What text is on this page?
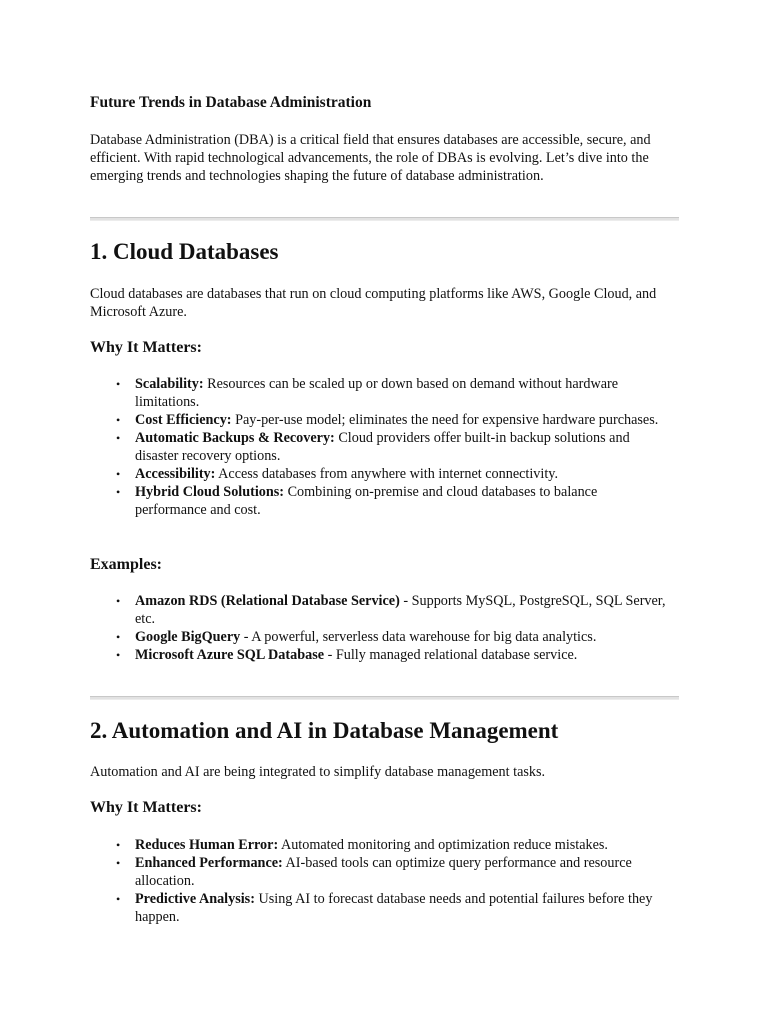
Future Trends in Database Administration

Database Administration (DBA) is a critical field that ensures databases are accessible, secure, and efficient. With rapid technological advancements, the role of DBAs is evolving. Let’s dive into the emerging trends and technologies shaping the future of database administration.

1. Cloud Databases

Cloud databases are databases that run on cloud computing platforms like AWS, Google Cloud, and Microsoft Azure.

Why It Matters:
• Scalability: Resources can be scaled up or down based on demand without hardware limitations.
• Cost Efficiency: Pay-per-use model; eliminates the need for expensive hardware purchases.
• Automatic Backups & Recovery: Cloud providers offer built-in backup solutions and disaster recovery options.
• Accessibility: Access databases from anywhere with internet connectivity.
• Hybrid Cloud Solutions: Combining on-premise and cloud databases to balance performance and cost.
Examples:
• Amazon RDS (Relational Database Service) - Supports MySQL, PostgreSQL, SQL Server, etc.
• Google BigQuery - A powerful, serverless data warehouse for big data analytics.
• Microsoft Azure SQL Database - Fully managed relational database service.
2. Automation and AI in Database Management

Automation and AI are being integrated to simplify database management tasks.

Why It Matters:
• Reduces Human Error: Automated monitoring and optimization reduce mistakes.
• Enhanced Performance: AI-based tools can optimize query performance and resource allocation.
• Predictive Analysis: Using AI to forecast database needs and potential failures before they happen.
